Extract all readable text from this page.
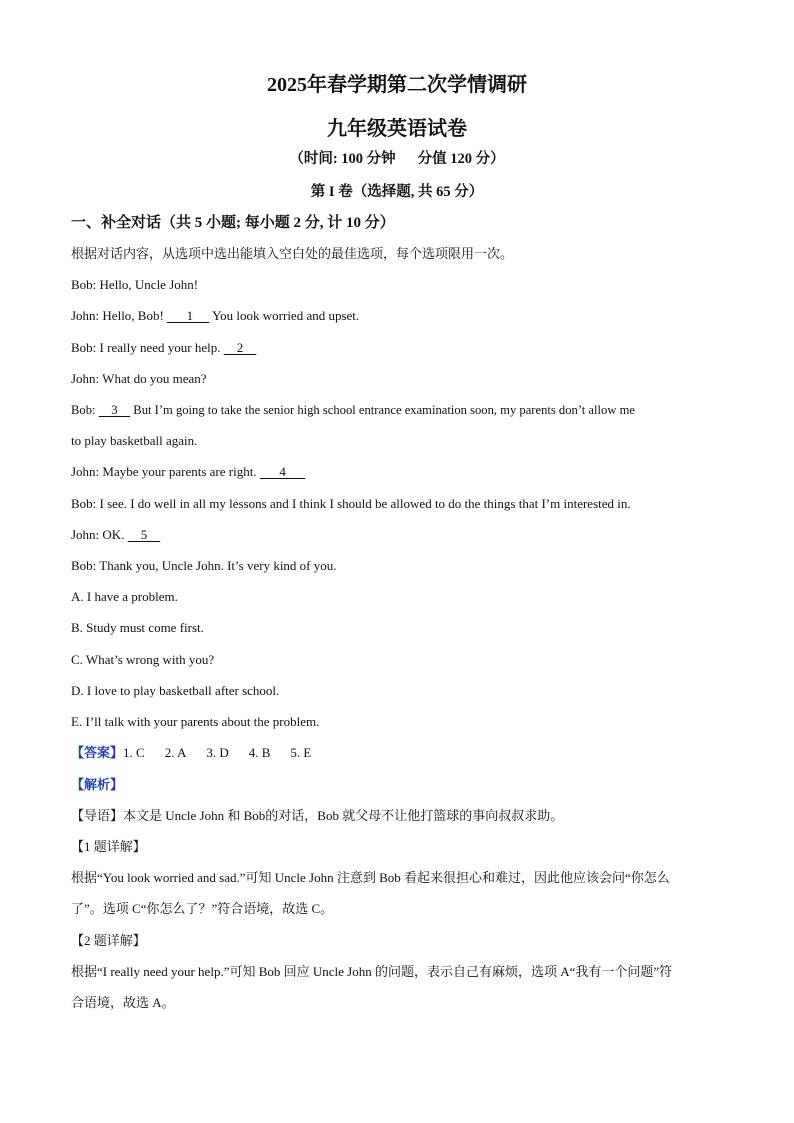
2025年春学期第二次学情调研
九年级英语试卷
（时间: 100 分钟 分值 120 分）
第 I 卷（选择题, 共 65 分）
一、补全对话（共 5 小题; 每小题 2 分, 计 10 分）
根据对话内容，从选项中选出能填入空白处的最佳选项，每个选项限用一次。
Bob: Hello, Uncle John!
John: Hello, Bob!       1      You look worried and upset.
Bob: I really need your help.     2
John: What do you mean?
Bob:     3     But I’m going to take the senior high school entrance examination soon, my parents don’t allow me
to play basketball again.
John: Maybe your parents are right.       4
Bob: I see. I do well in all my lessons and I think I should be allowed to do the things that I’m interested in.
John: OK.     5
Bob: Thank you, Uncle John. It’s very kind of you.
A. I have a problem.
B. Study must come first.
C. What’s wrong with you?
D. I love to play basketball after school.
E. I’ll talk with your parents about the problem.
【答案】1. C 2. A 3. D 4. B 5. E
【解析】
【导语】本文是 Uncle John 和 Bob的对话，Bob 就父母不让他打篮球的事向叔叔求助。
【1 题详解】
根据“You look worried and sad.”可知 Uncle John 注意到 Bob 看起来很担心和难过，因此他应该会问“你怎么
了”。选项 C“你怎么了？”符合语境，故选 C。
【2 题详解】
根据“I really need your help.”可知 Bob 回应 Uncle John 的问题，表示自己有麻烦，选项 A“我有一个问题”符
合语境，故选 A。
